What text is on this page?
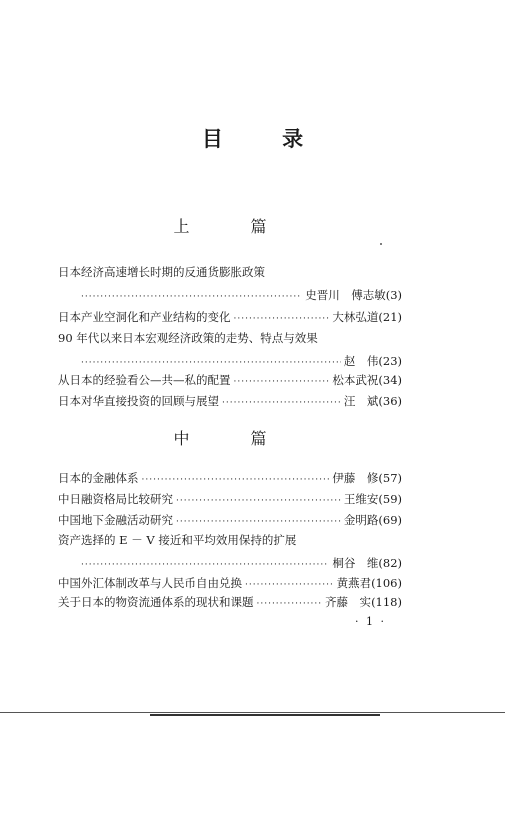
目 录
上 篇
日本经济高速增长时期的反通货膨胀政策
·····
史晋川　傅志敏 (3)
日本产业空洞化和产业结构的变化 ·····	大林弘道 (21)
90 年代以来日本宏观经济政策的走势、特点与效果
·····
赵　伟 (23)
从日本的经验看公—共—私的配置 ·····	松本武祝 (34)
日本对华直接投资的回顾与展望 ·····	汪　斌 (36)
中 篇
日本的金融体系 ·····	伊藤　修 (57)
中日融资格局比较研究 ·····	王维安 (59)
中国地下金融活动研究 ·····	金明路 (69)
资产选择的 E － V 接近和平均效用保持的扩展
·····
桐谷　维 (82)
中国外汇体制改革与人民币自由兑换 ·····	黄燕君 (106)
关于日本的物资流通体系的现状和课题 ·····	齐藤　实 (118)
· 1 ·
